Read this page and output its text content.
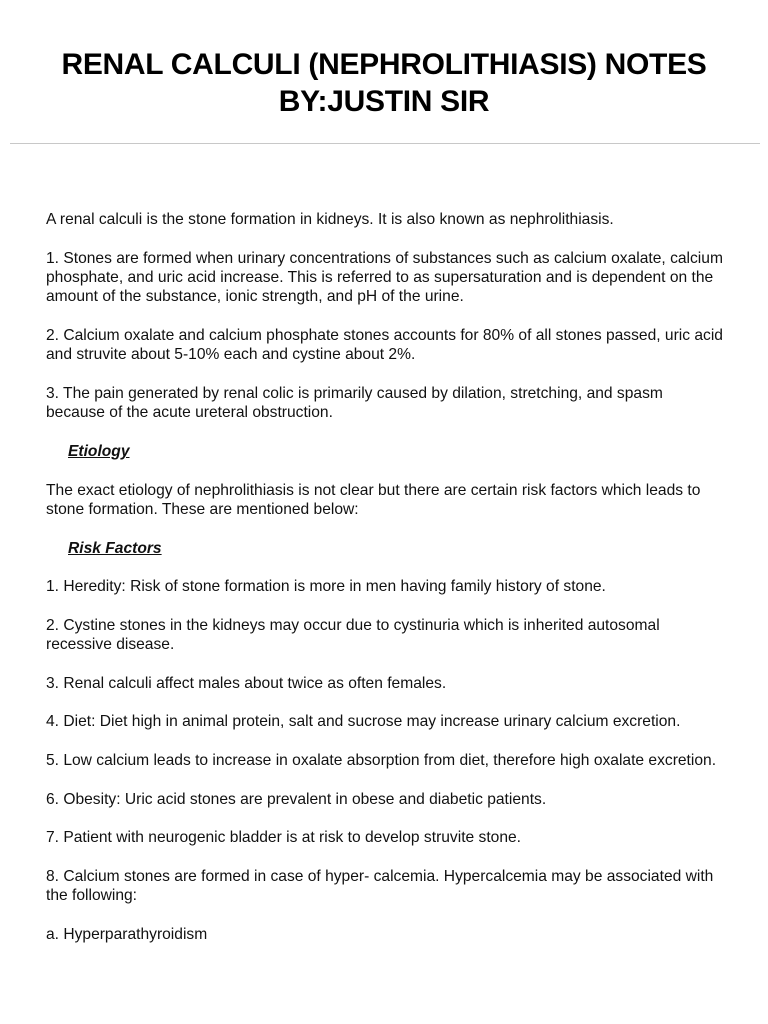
RENAL CALCULI (NEPHROLITHIASIS) NOTES
BY:JUSTIN SIR

A renal calculi is the stone formation in kidneys. It is also known as nephrolithiasis.

1. Stones are formed when urinary concentrations of substances such as calcium oxalate, calcium phosphate, and uric acid increase. This is referred to as supersaturation and is dependent on the amount of the substance, ionic strength, and pH of the urine.

2. Calcium oxalate and calcium phosphate stones accounts for 80% of all stones passed, uric acid and struvite about 5-10% each and cystine about 2%.

3. The pain generated by renal colic is primarily caused by dilation, stretching, and spasm because of the acute ureteral obstruction.

Etiology

The exact etiology of nephrolithiasis is not clear but there are certain risk factors which leads to stone formation. These are mentioned below:

Risk Factors

1. Heredity: Risk of stone formation is more in men having family history of stone.

2. Cystine stones in the kidneys may occur due to cystinuria which is inherited autosomal recessive disease.

3. Renal calculi affect males about twice as often females.

4. Diet: Diet high in animal protein, salt and sucrose may increase urinary calcium excretion.

5. Low calcium leads to increase in oxalate absorption from diet, therefore high oxalate excretion.

6. Obesity: Uric acid stones are prevalent in obese and diabetic patients.

7. Patient with neurogenic bladder is at risk to develop struvite stone.

8. Calcium stones are formed in case of hyper- calcemia. Hypercalcemia may be associated with the following:

a. Hyperparathyroidism
